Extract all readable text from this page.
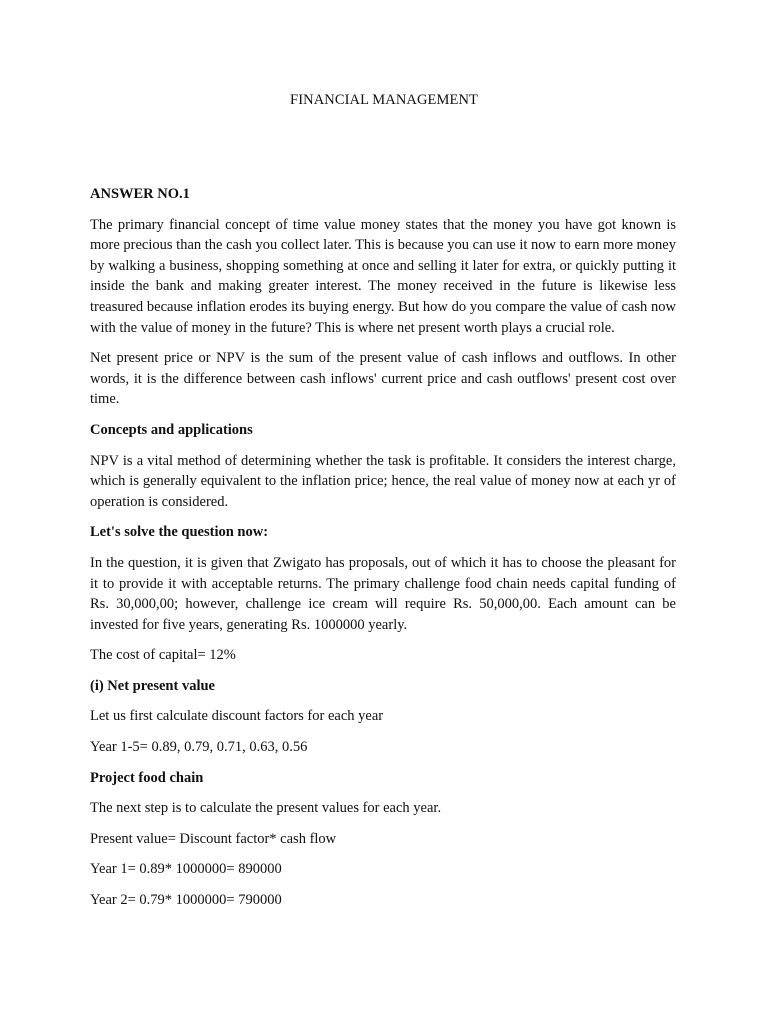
FINANCIAL MANAGEMENT

ANSWER NO.1

The primary financial concept of time value money states that the money you have got known is more precious than the cash you collect later. This is because you can use it now to earn more money by walking a business, shopping something at once and selling it later for extra, or quickly putting it inside the bank and making greater interest. The money received in the future is likewise less treasured because inflation erodes its buying energy. But how do you compare the value of cash now with the value of money in the future? This is where net present worth plays a crucial role.

Net present price or NPV is the sum of the present value of cash inflows and outflows. In other words, it is the difference between cash inflows' current price and cash outflows' present cost over time.

Concepts and applications

NPV is a vital method of determining whether the task is profitable. It considers the interest charge, which is generally equivalent to the inflation price; hence, the real value of money now at each yr of operation is considered.

Let's solve the question now:

In the question, it is given that Zwigato has proposals, out of which it has to choose the pleasant for it to provide it with acceptable returns. The primary challenge food chain needs capital funding of Rs. 30,000,00; however, challenge ice cream will require Rs. 50,000,00. Each amount can be invested for five years, generating Rs. 1000000 yearly.

The cost of capital= 12%

(i) Net present value

Let us first calculate discount factors for each year

Year 1-5= 0.89, 0.79, 0.71, 0.63, 0.56

Project food chain

The next step is to calculate the present values for each year.

Present value= Discount factor* cash flow

Year 1= 0.89* 1000000= 890000

Year 2= 0.79* 1000000= 790000
